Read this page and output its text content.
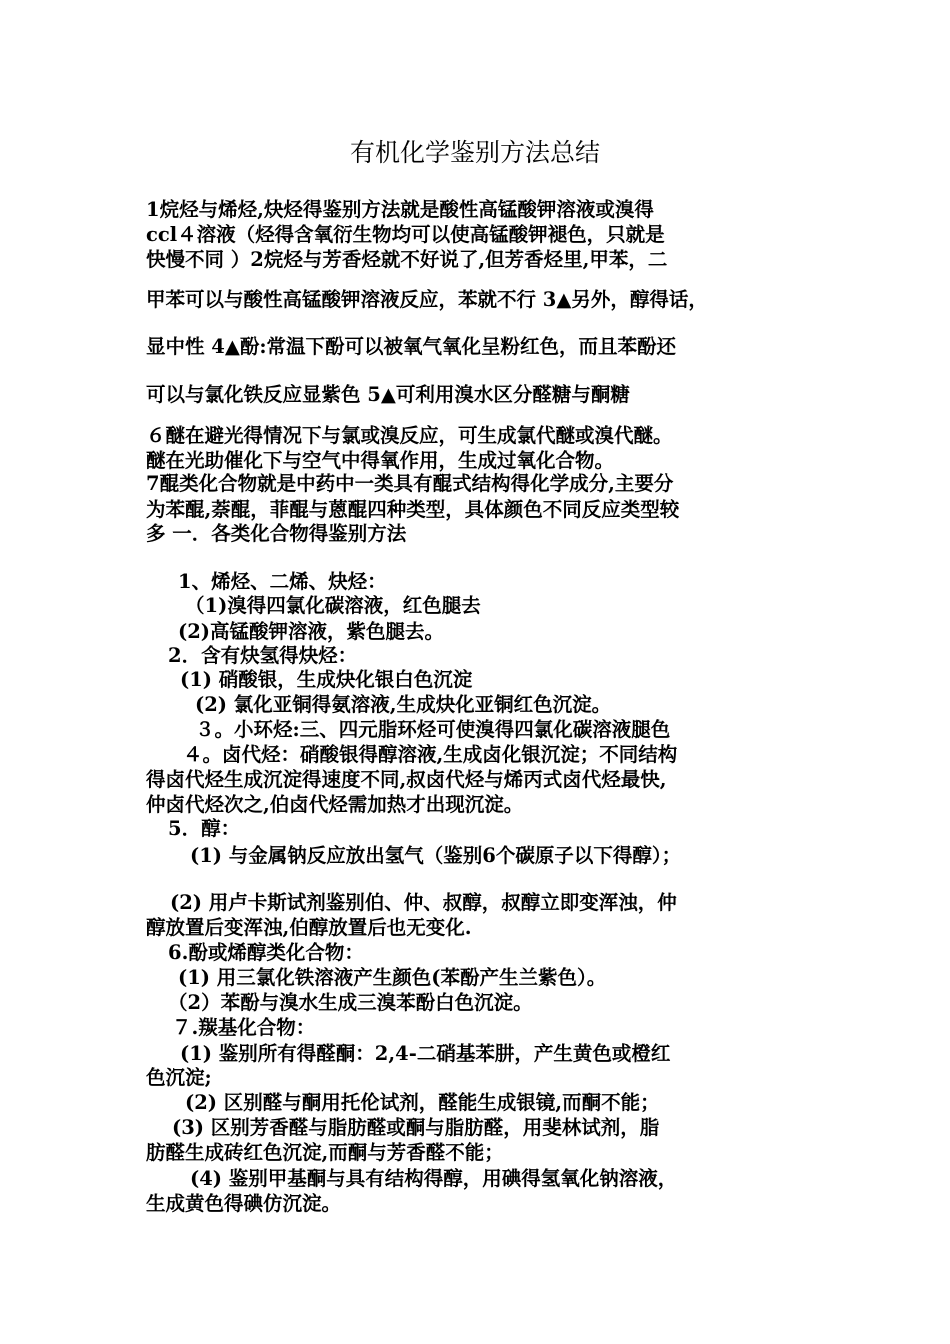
有机化学鉴别方法总结
1烷烃与烯烃,炔烃得鉴别方法就是酸性高锰酸钾溶液或溴得
ccl４溶液（烃得含氧衍生物均可以使高锰酸钾褪色，只就是
快慢不同 ）2烷烃与芳香烃就不好说了,但芳香烃里,甲苯，二
甲苯可以与酸性高锰酸钾溶液反应，苯就不行 3▲另外，醇得话，
显中性 4▲酚:常温下酚可以被氧气氧化呈粉红色，而且苯酚还
可以与氯化铁反应显紫色 5▲可利用溴水区分醛糖与酮糖
６醚在避光得情况下与氯或溴反应，可生成氯代醚或溴代醚。
醚在光助催化下与空气中得氧作用，生成过氧化合物。
7醌类化合物就是中药中一类具有醌式结构得化学成分,主要分
为苯醌,萘醌，菲醌与蒽醌四种类型，具体颜色不同反应类型较
多 一．各类化合物得鉴别方法
1、烯烃、二烯、炔烃：
（1)溴得四氯化碳溶液，红色腿去
(2)高锰酸钾溶液，紫色腿去。
2．含有炔氢得炔烃：
(1) 硝酸银，生成炔化银白色沉淀
(2) 氯化亚铜得氨溶液,生成炔化亚铜红色沉淀。
３。小环烃:三、四元脂环烃可使溴得四氯化碳溶液腿色
４。卤代烃：硝酸银得醇溶液,生成卤化银沉淀；不同结构
得卤代烃生成沉淀得速度不同,叔卤代烃与烯丙式卤代烃最快,
仲卤代烃次之,伯卤代烃需加热才出现沉淀。
5．醇：
(1) 与金属钠反应放出氢气（鉴别6个碳原子以下得醇）；
(2) 用卢卡斯试剂鉴别伯、仲、叔醇，叔醇立即变浑浊，仲
醇放置后变浑浊,伯醇放置后也无变化.
6.酚或烯醇类化合物：
(1) 用三氯化铁溶液产生颜色(苯酚产生兰紫色）。
（2）苯酚与溴水生成三溴苯酚白色沉淀。
７.羰基化合物：
(1) 鉴别所有得醛酮：2,4-二硝基苯肼，产生黄色或橙红
色沉淀;
(2) 区别醛与酮用托伦试剂，醛能生成银镜,而酮不能；
(3) 区别芳香醛与脂肪醛或酮与脂肪醛，用斐林试剂，脂
肪醛生成砖红色沉淀,而酮与芳香醛不能；
(4) 鉴别甲基酮与具有结构得醇，用碘得氢氧化钠溶液，
生成黄色得碘仿沉淀。
